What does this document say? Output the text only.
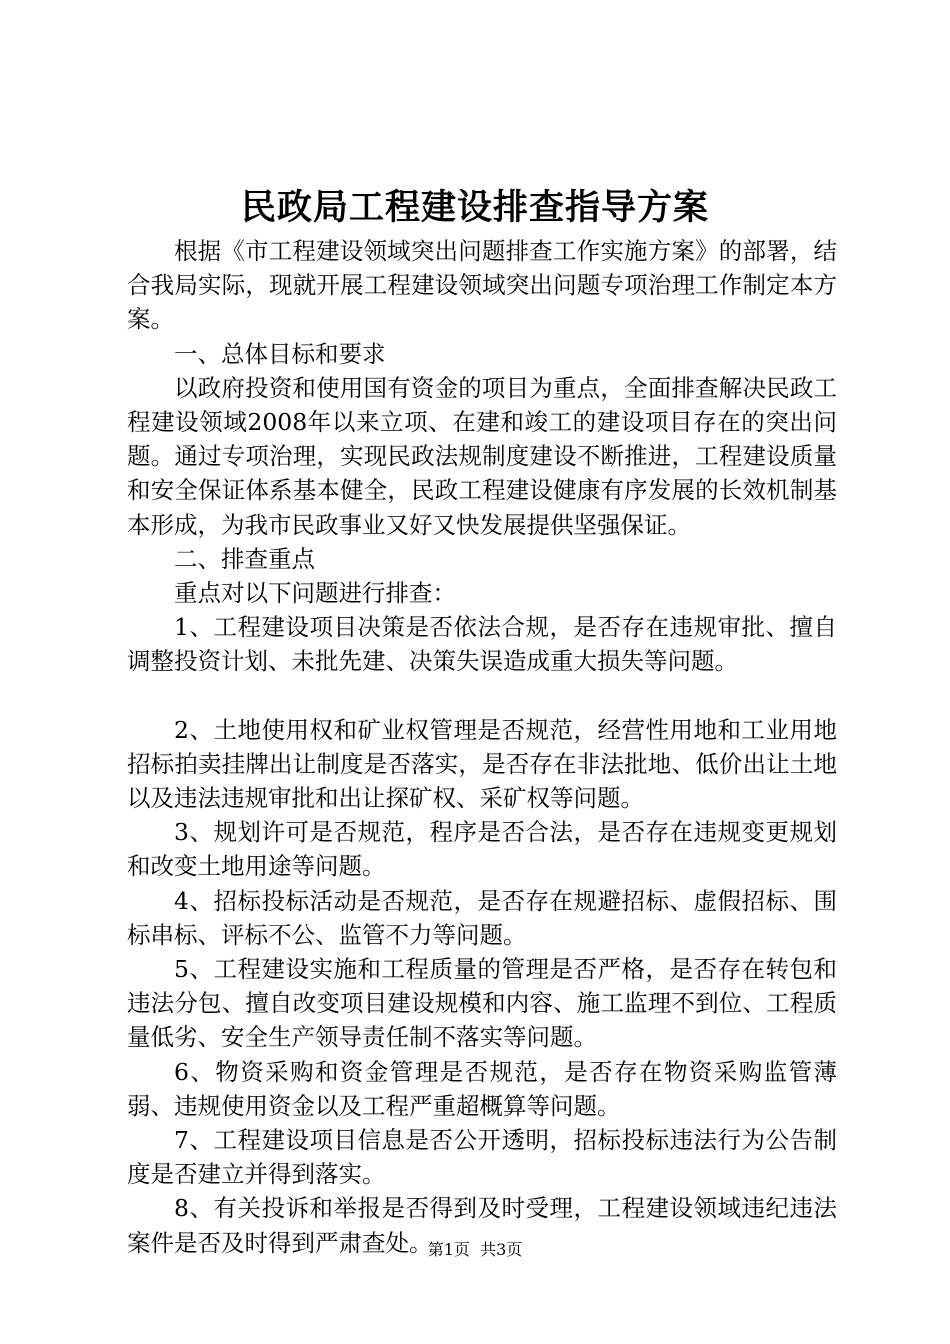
民政局工程建设排查指导方案

根据《市工程建设领域突出问题排查工作实施方案》的部署，结合我局实际，现就开展工程建设领域突出问题专项治理工作制定本方案。

一、总体目标和要求

以政府投资和使用国有资金的项目为重点，全面排查解决民政工程建设领域2008年以来立项、在建和竣工的建设项目存在的突出问题。通过专项治理，实现民政法规制度建设不断推进，工程建设质量和安全保证体系基本健全，民政工程建设健康有序发展的长效机制基本形成，为我市民政事业又好又快发展提供坚强保证。

二、排查重点

重点对以下问题进行排查：

1、工程建设项目决策是否依法合规，是否存在违规审批、擅自调整投资计划、未批先建、决策失误造成重大损失等问题。

2、土地使用权和矿业权管理是否规范，经营性用地和工业用地招标拍卖挂牌出让制度是否落实，是否存在非法批地、低价出让土地以及违法违规审批和出让探矿权、采矿权等问题。

3、规划许可是否规范，程序是否合法，是否存在违规变更规划和改变土地用途等问题。

4、招标投标活动是否规范，是否存在规避招标、虚假招标、围标串标、评标不公、监管不力等问题。

5、工程建设实施和工程质量的管理是否严格，是否存在转包和违法分包、擅自改变项目建设规模和内容、施工监理不到位、工程质量低劣、安全生产领导责任制不落实等问题。

6、物资采购和资金管理是否规范，是否存在物资采购监管薄弱、违规使用资金以及工程严重超概算等问题。

7、工程建设项目信息是否公开透明，招标投标违法行为公告制度是否建立并得到落实。

8、有关投诉和举报是否得到及时受理，工程建设领域违纪违法案件是否及时得到严肃查处。

第1页 共3页
